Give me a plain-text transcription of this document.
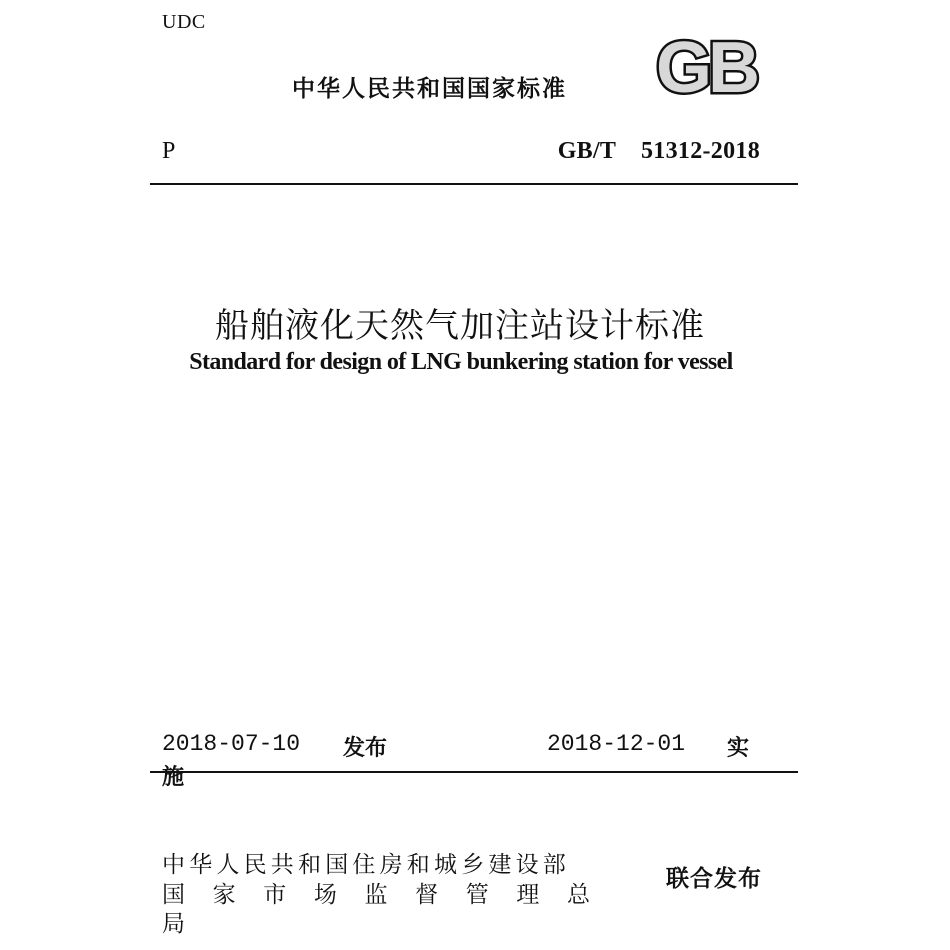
UDC
中华人民共和国国家标准 GB
P	GB/T    51312-2018
船舶液化天然气加注站设计标准
Standard for design of LNG bunkering station for vessel
2018-07-10 发布	2018-12-01 实
施
中华人民共和国住房和城乡建设部
国 家 市 场 监 督 管 理 总
局
联合发布
